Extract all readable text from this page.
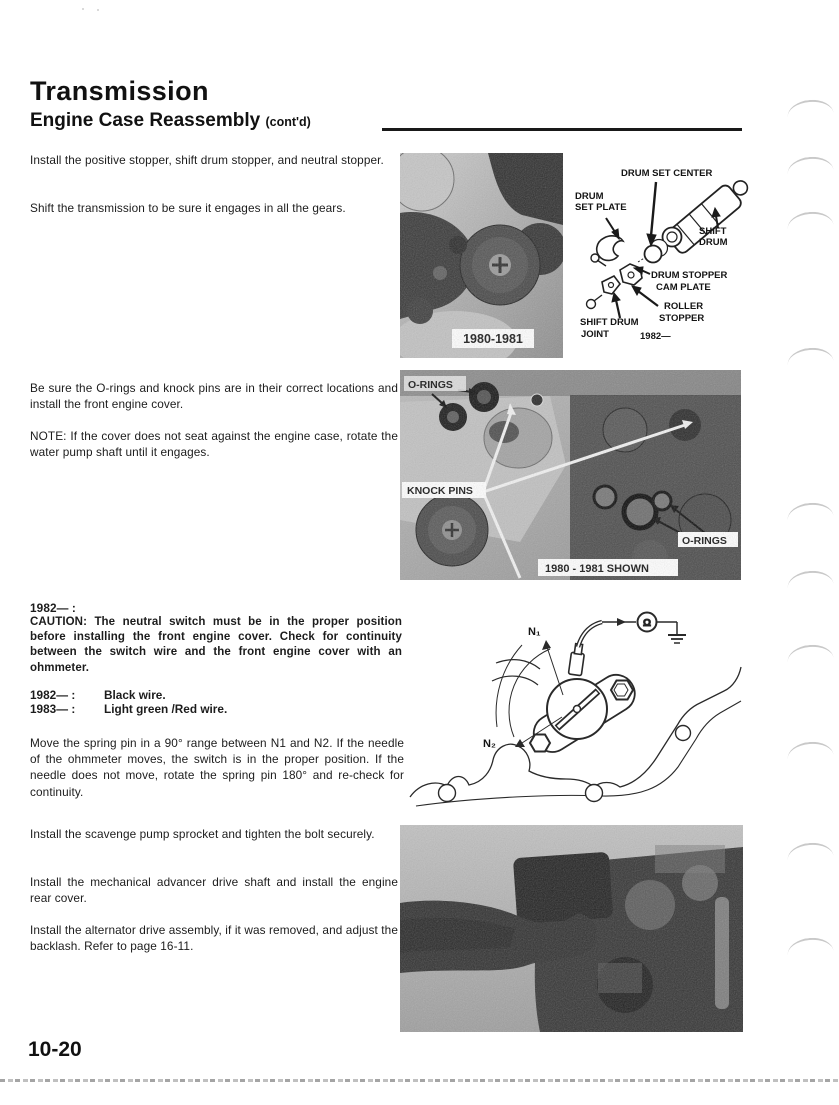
Transmission
Engine Case Reassembly (cont'd)
Install the positive stopper, shift drum stopper, and neutral stopper.
Shift the transmission to be sure it engages in all the gears.
Be sure the O-rings and knock pins are in their correct locations and install the front engine cover.
NOTE: If the cover does not seat against the engine case, rotate the water pump shaft until it engages.
1982— :
CAUTION: The neutral switch must be in the proper position before installing the front engine cover. Check for continuity between the switch wire and the front engine cover with an ohmmeter.
1982— :	Black wire.
1983— :	Light green /Red wire.
Move the spring pin in a 90° range between N1 and N2. If the needle of the ohmmeter moves, the switch is in the proper position. If the needle does not move, rotate the spring pin 180° and re-check for continuity.
Install the scavenge pump sprocket and tighten the bolt securely.
Install the mechanical advancer drive shaft and install the engine rear cover.
Install the alternator drive assembly, if it was removed, and adjust the backlash. Refer to page 16-11.
10-20
1980-1981
DRUM SET CENTER
DRUM
SET PLATE
SHIFT
DRUM
DRUM STOPPER
CAM PLATE
ROLLER
STOPPER
SHIFT DRUM
JOINT	1982—
O-RINGS
KNOCK PINS
O-RINGS
1980 - 1981 SHOWN
Ω
N₁
N₂
